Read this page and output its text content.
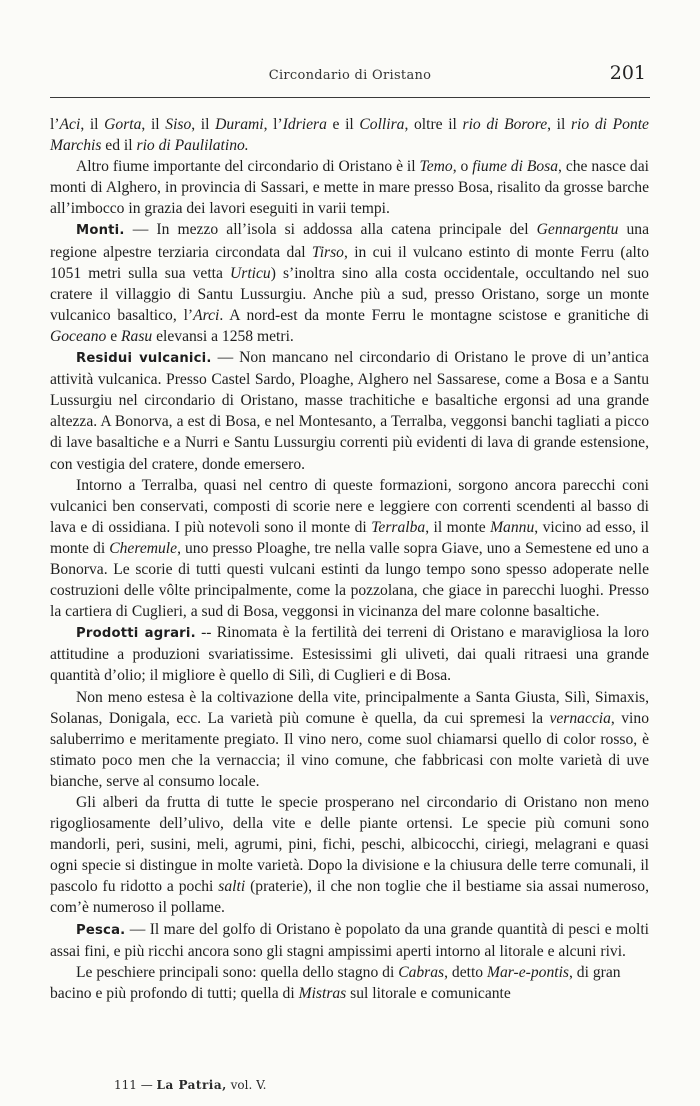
Circondario di Oristano	201

l’Aci, il Gorta, il Siso, il Durami, l’Idriera e il Collira, oltre il rio di Borore, il rio di Ponte Marchis ed il rio di Paulilatino.

Altro fiume importante del circondario di Oristano è il Temo, o fiume di Bosa, che nasce dai monti di Alghero, in provincia di Sassari, e mette in mare presso Bosa, risalito da grosse barche all’imbocco in grazia dei lavori eseguiti in varii tempi.

Monti. — In mezzo all’isola si addossa alla catena principale del Gennargentu una regione alpestre terziaria circondata dal Tirso, in cui il vulcano estinto di monte Ferru (alto 1051 metri sulla sua vetta Urticu) s’inoltra sino alla costa occidentale, occultando nel suo cratere il villaggio di Santu Lussurgiu. Anche più a sud, presso Oristano, sorge un monte vulcanico basaltico, l’Arci. A nord-est da monte Ferru le montagne scistose e granitiche di Goceano e Rasu elevansi a 1258 metri.

Residui vulcanici. — Non mancano nel circondario di Oristano le prove di un’antica attività vulcanica. Presso Castel Sardo, Ploaghe, Alghero nel Sassarese, come a Bosa e a Santu Lussurgiu nel circondario di Oristano, masse trachitiche e basaltiche ergonsi ad una grande altezza. A Bonorva, a est di Bosa, e nel Montesanto, a Terralba, veggonsi banchi tagliati a picco di lave basaltiche e a Nurri e Santu Lussurgiu correnti più evidenti di lava di grande estensione, con vestigia del cratere, donde emersero.

Intorno a Terralba, quasi nel centro di queste formazioni, sorgono ancora parecchi coni vulcanici ben conservati, composti di scorie nere e leggiere con correnti scendenti al basso di lava e di ossidiana. I più notevoli sono il monte di Terralba, il monte Mannu, vicino ad esso, il monte di Cheremule, uno presso Ploaghe, tre nella valle sopra Giave, uno a Semestene ed uno a Bonorva. Le scorie di tutti questi vulcani estinti da lungo tempo sono spesso adoperate nelle costruzioni delle vôlte principalmente, come la pozzolana, che giace in parecchi luoghi. Presso la cartiera di Cuglieri, a sud di Bosa, veggonsi in vicinanza del mare colonne basaltiche.

Prodotti agrari. -- Rinomata è la fertilità dei terreni di Oristano e maravigliosa la loro attitudine a produzioni svariatissime. Estesissimi gli uliveti, dai quali ritraesi una grande quantità d’olio; il migliore è quello di Silì, di Cuglieri e di Bosa.

Non meno estesa è la coltivazione della vite, principalmente a Santa Giusta, Silì, Simaxis, Solanas, Donigala, ecc. La varietà più comune è quella, da cui spremesi la vernaccia, vino saluberrimo e meritamente pregiato. Il vino nero, come suol chiamarsi quello di color rosso, è stimato poco men che la vernaccia; il vino comune, che fabbricasi con molte varietà di uve bianche, serve al consumo locale.

Gli alberi da frutta di tutte le specie prosperano nel circondario di Oristano non meno rigogliosamente dell’ulivo, della vite e delle piante ortensi. Le specie più comuni sono mandorli, peri, susini, meli, agrumi, pini, fichi, peschi, albicocchi, ciriegi, melagrani e quasi ogni specie si distingue in molte varietà. Dopo la divisione e la chiusura delle terre comunali, il pascolo fu ridotto a pochi salti (praterie), il che non toglie che il bestiame sia assai numeroso, com’è numeroso il pollame.

Pesca. — Il mare del golfo di Oristano è popolato da una grande quantità di pesci e molti assai fini, e più ricchi ancora sono gli stagni ampissimi aperti intorno al litorale e alcuni rivi.

Le peschiere principali sono: quella dello stagno di Cabras, detto Mar-e-pontis, di gran bacino e più profondo di tutti; quella di Mistras sul litorale e comunicante

111 — La Patria, vol. V.
